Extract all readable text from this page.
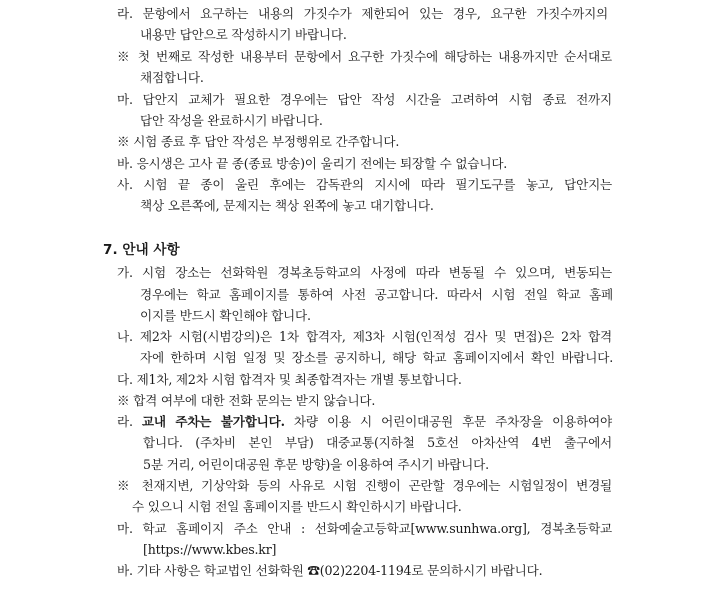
라. 문항에서 요구하는 내용의 가짓수가 제한되어 있는 경우, 요구한 가짓수까지의
내용만 답안으로 작성하시기 바랍니다.
※ 첫 번째로 작성한 내용부터 문항에서 요구한 가짓수에 해당하는 내용까지만 순서대로
채점합니다.
마. 답안지 교체가 필요한 경우에는 답안 작성 시간을 고려하여 시험 종료 전까지
답안 작성을 완료하시기 바랍니다.
※ 시험 종료 후 답안 작성은 부정행위로 간주합니다.
바. 응시생은 고사 끝 종(종료 방송)이 울리기 전에는 퇴장할 수 없습니다.
사. 시험 끝 종이 울린 후에는 감독관의 지시에 따라 필기도구를 놓고, 답안지는
책상 오른쪽에, 문제지는 책상 왼쪽에 놓고 대기합니다.
7. 안내 사항
가. 시험 장소는 선화학원 경복초등학교의 사정에 따라 변동될 수 있으며, 변동되는
경우에는 학교 홈페이지를 통하여 사전 공고합니다. 따라서 시험 전일 학교 홈페
이지를 반드시 확인해야 합니다.
나. 제2차 시험(시범강의)은 1차 합격자, 제3차 시험(인적성 검사 및 면접)은 2차 합격
자에 한하며 시험 일정 및 장소를 공지하니, 해당 학교 홈페이지에서 확인 바랍니다.
다. 제1차, 제2차 시험 합격자 및 최종합격자는 개별 통보합니다.
※ 합격 여부에 대한 전화 문의는 받지 않습니다.
라. 교내 주차는 불가합니다. 차량 이용 시 어린이대공원 후문 주차장을 이용하여야
합니다. (주차비 본인 부담) 대중교통(지하철 5호선 아차산역 4번 출구에서
5분 거리, 어린이대공원 후문 방향)을 이용하여 주시기 바랍니다.
※ 천재지변, 기상악화 등의 사유로 시험 진행이 곤란할 경우에는 시험일정이 변경될
수 있으니 시험 전일 홈페이지를 반드시 확인하시기 바랍니다.
마. 학교 홈페이지 주소 안내 : 선화예술고등학교[www.sunhwa.org], 경복초등학교
[https://www.kbes.kr]
바. 기타 사항은 학교법인 선화학원 ☎(02)2204-1194로 문의하시기 바랍니다.
